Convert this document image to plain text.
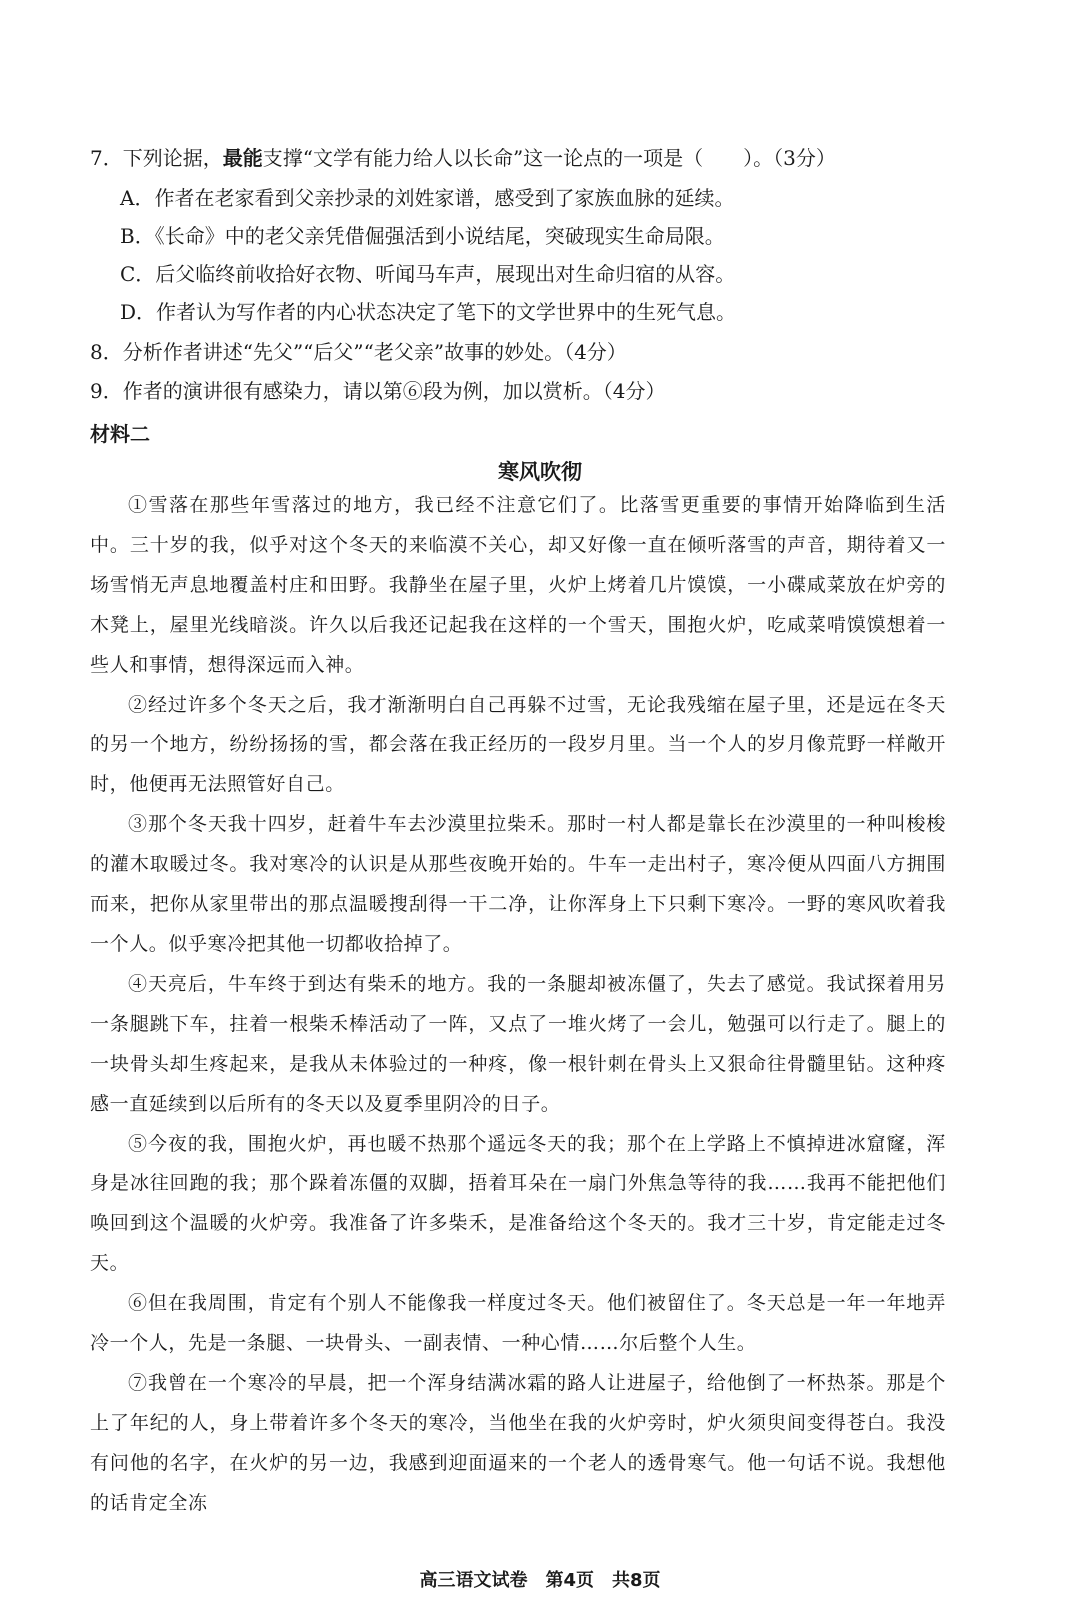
7．下列论据，最能支撑“文学有能力给人以长命”这一论点的一项是（　　）。（3分）
A．作者在老家看到父亲抄录的刘姓家谱，感受到了家族血脉的延续。
B．《长命》中的老父亲凭借倔强活到小说结尾，突破现实生命局限。
C．后父临终前收拾好衣物、听闻马车声，展现出对生命归宿的从容。
D．作者认为写作者的内心状态决定了笔下的文学世界中的生死气息。
8．分析作者讲述“先父”“后父”“老父亲”故事的妙处。（4分）
9．作者的演讲很有感染力，请以第⑥段为例，加以赏析。（4分）
材料二
寒风吹彻

①雪落在那些年雪落过的地方，我已经不注意它们了。比落雪更重要的事情开始降临到生活中。三十岁的我，似乎对这个冬天的来临漠不关心，却又好像一直在倾听落雪的声音，期待着又一场雪悄无声息地覆盖村庄和田野。我静坐在屋子里，火炉上烤着几片馍馍，一小碟咸菜放在炉旁的木凳上，屋里光线暗淡。许久以后我还记起我在这样的一个雪天，围抱火炉，吃咸菜啃馍馍想着一些人和事情，想得深远而入神。

②经过许多个冬天之后，我才渐渐明白自己再躲不过雪，无论我残缩在屋子里，还是远在冬天的另一个地方，纷纷扬扬的雪，都会落在我正经历的一段岁月里。当一个人的岁月像荒野一样敞开时，他便再无法照管好自己。

③那个冬天我十四岁，赶着牛车去沙漠里拉柴禾。那时一村人都是靠长在沙漠里的一种叫梭梭的灌木取暖过冬。我对寒冷的认识是从那些夜晚开始的。牛车一走出村子，寒冷便从四面八方拥围而来，把你从家里带出的那点温暖搜刮得一干二净，让你浑身上下只剩下寒冷。一野的寒风吹着我一个人。似乎寒冷把其他一切都收拾掉了。

④天亮后，牛车终于到达有柴禾的地方。我的一条腿却被冻僵了，失去了感觉。我试探着用另一条腿跳下车，拄着一根柴禾棒活动了一阵，又点了一堆火烤了一会儿，勉强可以行走了。腿上的一块骨头却生疼起来，是我从未体验过的一种疼，像一根针刺在骨头上又狠命往骨髓里钻。这种疼感一直延续到以后所有的冬天以及夏季里阴冷的日子。

⑤今夜的我，围抱火炉，再也暖不热那个遥远冬天的我；那个在上学路上不慎掉进冰窟窿，浑身是冰往回跑的我；那个跺着冻僵的双脚，捂着耳朵在一扇门外焦急等待的我……我再不能把他们唤回到这个温暖的火炉旁。我准备了许多柴禾，是准备给这个冬天的。我才三十岁，肯定能走过冬天。

⑥但在我周围，肯定有个别人不能像我一样度过冬天。他们被留住了。冬天总是一年一年地弄冷一个人，先是一条腿、一块骨头、一副表情、一种心情……尔后整个人生。

⑦我曾在一个寒冷的早晨，把一个浑身结满冰霜的路人让进屋子，给他倒了一杯热茶。那是个上了年纪的人，身上带着许多个冬天的寒冷，当他坐在我的火炉旁时，炉火须臾间变得苍白。我没有问他的名字，在火炉的另一边，我感到迎面逼来的一个老人的透骨寒气。他一句话不说。我想他的话肯定全冻

高三语文试卷　第4页　共8页
